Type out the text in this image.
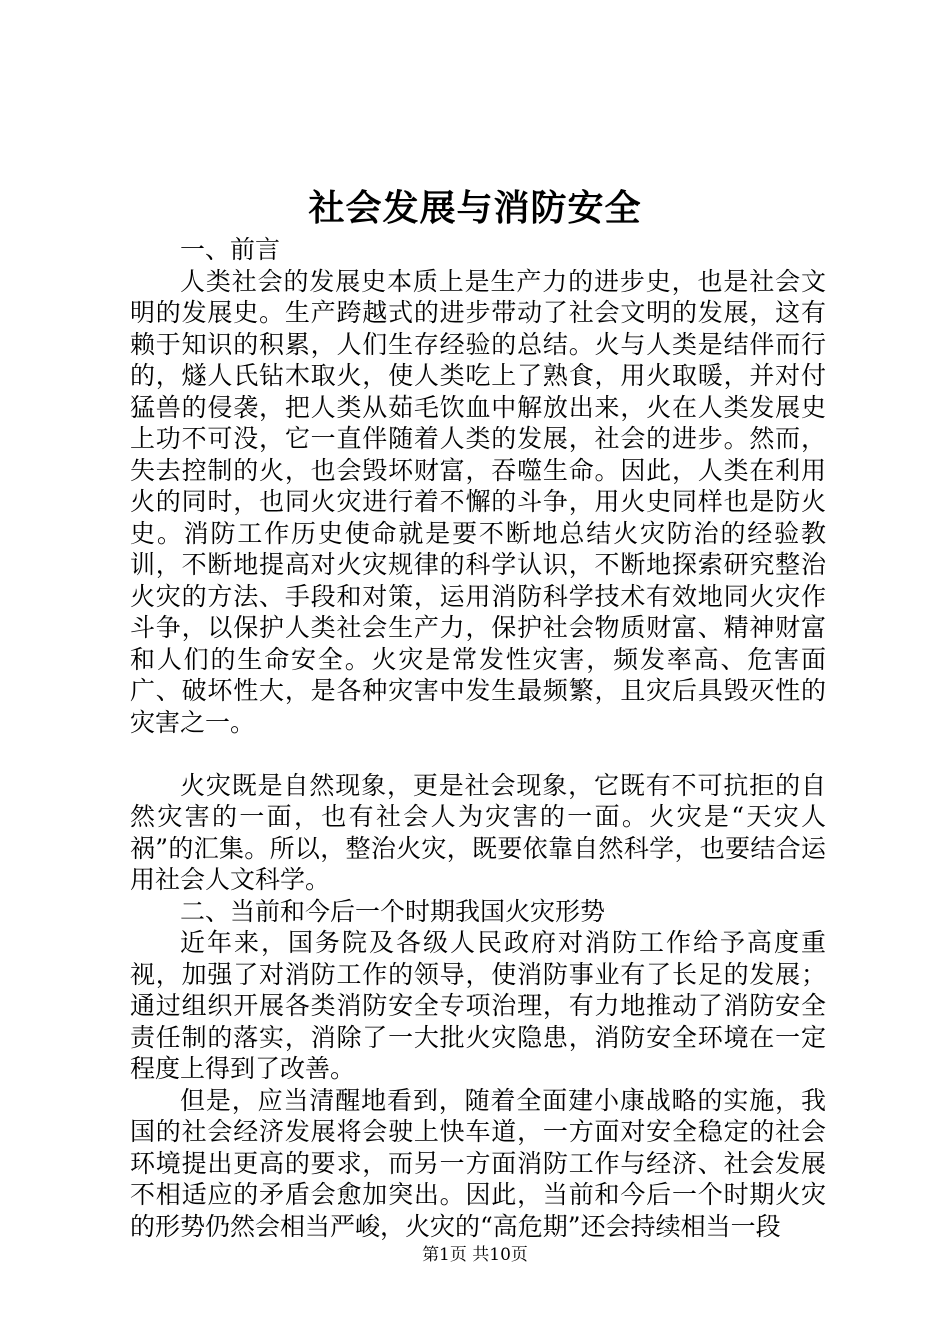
社会发展与消防安全

一、前言

人类社会的发展史本质上是生产力的进步史，也是社会文明的发展史。生产跨越式的进步带动了社会文明的发展，这有赖于知识的积累，人们生存经验的总结。火与人类是结伴而行的，燧人氏钻木取火，使人类吃上了熟食，用火取暖，并对付猛兽的侵袭，把人类从茹毛饮血中解放出来，火在人类发展史上功不可没，它一直伴随着人类的发展，社会的进步。然而，失去控制的火，也会毁坏财富，吞噬生命。因此，人类在利用火的同时，也同火灾进行着不懈的斗争，用火史同样也是防火史。消防工作历史使命就是要不断地总结火灾防治的经验教训，不断地提高对火灾规律的科学认识，不断地探索研究整治火灾的方法、手段和对策，运用消防科学技术有效地同火灾作斗争，以保护人类社会生产力，保护社会物质财富、精神财富和人们的生命安全。火灾是常发性灾害，频发率高、危害面广、破坏性大，是各种灾害中发生最频繁，且灾后具毁灭性的灾害之一。

火灾既是自然现象，更是社会现象，它既有不可抗拒的自然灾害的一面，也有社会人为灾害的一面。火灾是“天灾人祸”的汇集。所以，整治火灾，既要依靠自然科学，也要结合运用社会人文科学。

二、当前和今后一个时期我国火灾形势

近年来，国务院及各级人民政府对消防工作给予高度重视，加强了对消防工作的领导，使消防事业有了长足的发展；通过组织开展各类消防安全专项治理，有力地推动了消防安全责任制的落实，消除了一大批火灾隐患，消防安全环境在一定程度上得到了改善。

但是，应当清醒地看到，随着全面建小康战略的实施，我国的社会经济发展将会驶上快车道，一方面对安全稳定的社会环境提出更高的要求，而另一方面消防工作与经济、社会发展不相适应的矛盾会愈加突出。因此，当前和今后一个时期火灾的形势仍然会相当严峻，火灾的“高危期”还会持续相当一段

第1页 共10页
